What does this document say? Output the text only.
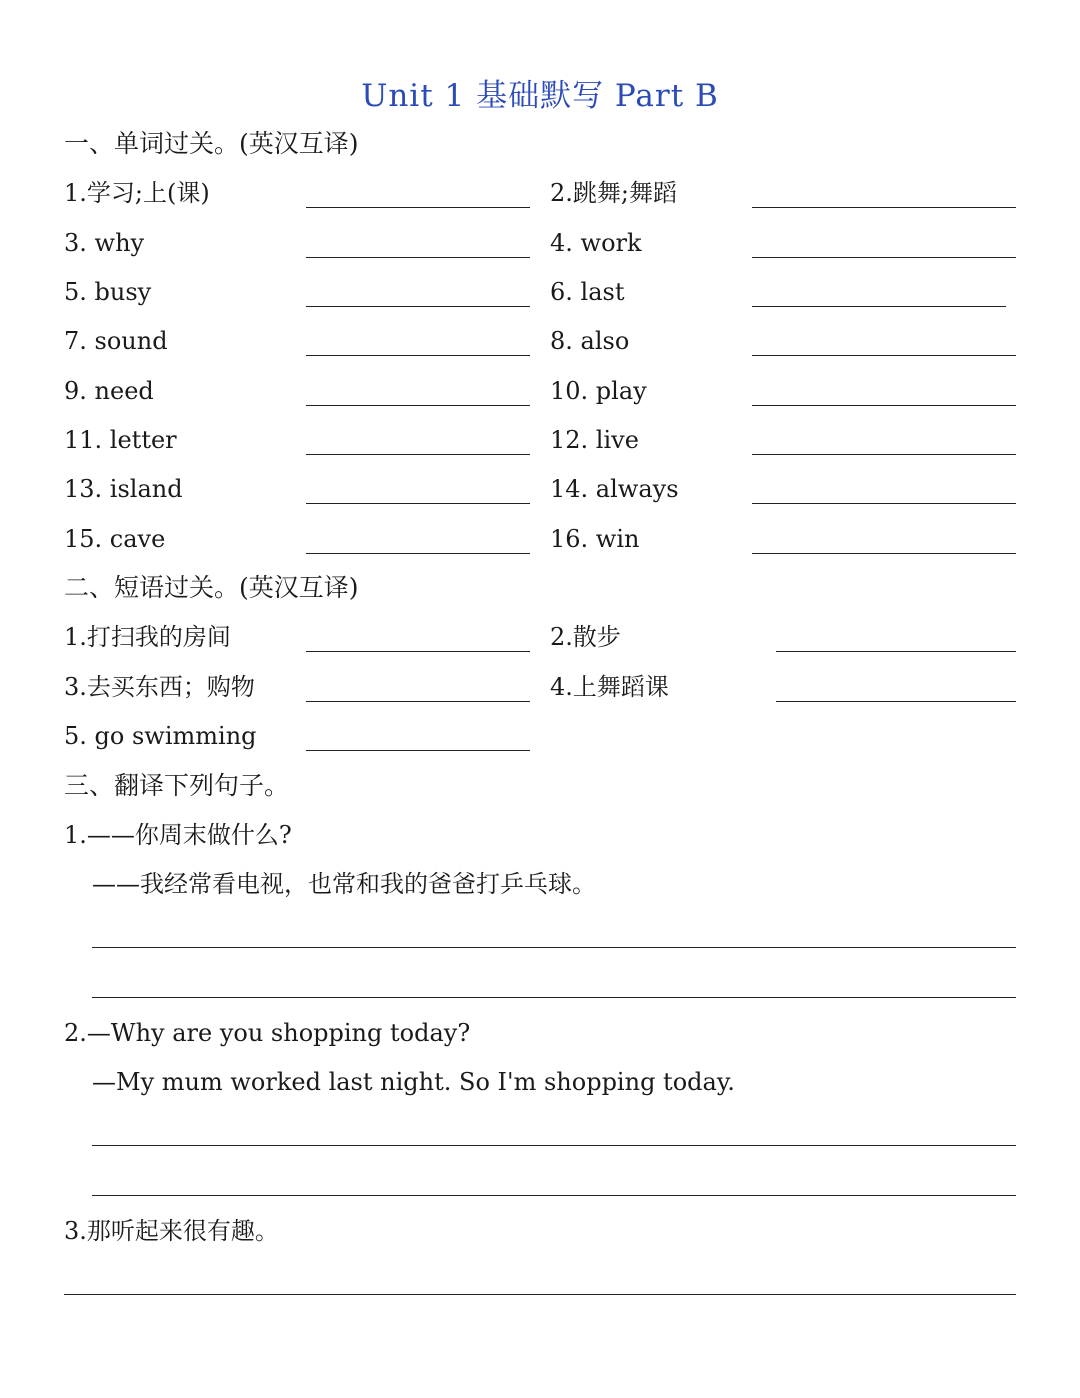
Unit 1 基础默写 Part B
一、单词过关。(英汉互译)
1.学习;上(课)	2.跳舞;舞蹈
3. why	4. work
5. busy	6. last
7. sound	8. also
9. need	10. play
11. letter	12. live
13. island	14. always
15. cave	16. win
二、短语过关。(英汉互译)
1.打扫我的房间	2.散步
3.去买东西；购物	4.上舞蹈课
5. go swimming
三、翻译下列句子。
1.——你周末做什么?
——我经常看电视，也常和我的爸爸打乒乓球。
2.—Why are you shopping today?
—My mum worked last night. So I'm shopping today.
3.那听起来很有趣。
